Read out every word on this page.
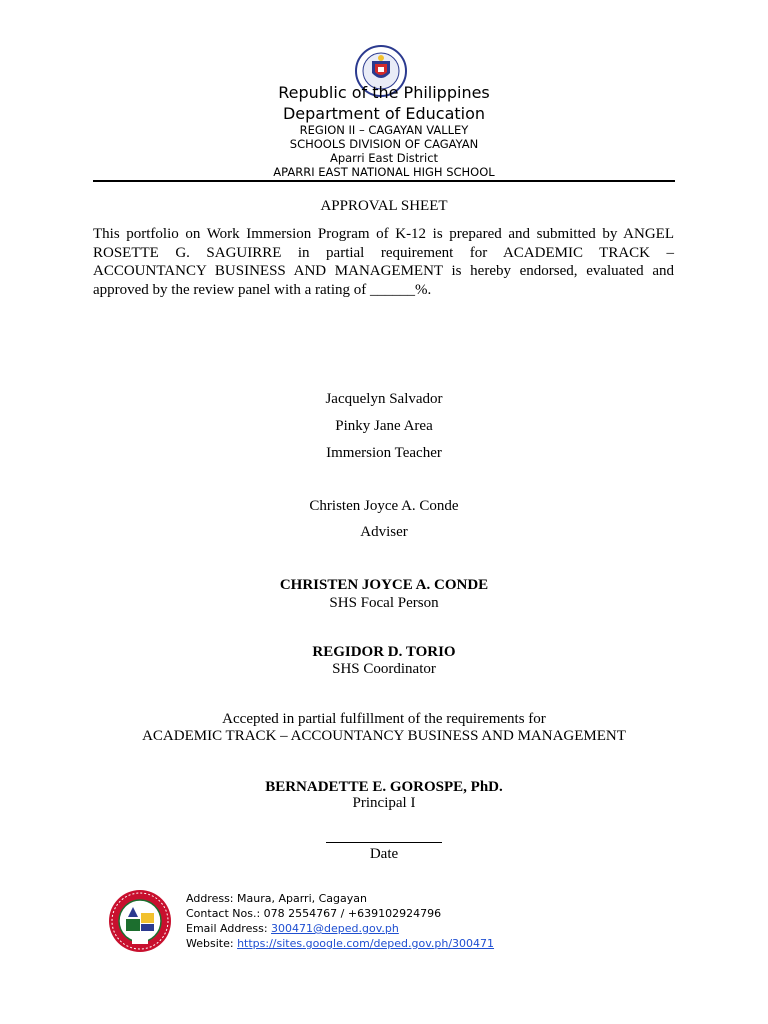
Republic of the Philippines
Department of Education
REGION II – CAGAYAN VALLEY
SCHOOLS DIVISION OF CAGAYAN
Aparri East District
APARRI EAST NATIONAL HIGH SCHOOL
APPROVAL SHEET
This portfolio on Work Immersion Program of K-12 is prepared and submitted by ANGEL ROSETTE G. SAGUIRRE in partial requirement for ACADEMIC TRACK – ACCOUNTANCY BUSINESS AND MANAGEMENT is hereby endorsed, evaluated and approved by the review panel with a rating of ______%.
Jacquelyn Salvador
Pinky Jane Area
Immersion Teacher
Christen Joyce A. Conde
Adviser
CHRISTEN JOYCE A. CONDE
SHS Focal Person
REGIDOR D. TORIO
SHS Coordinator
Accepted in partial fulfillment of the requirements for
ACADEMIC TRACK – ACCOUNTANCY BUSINESS AND MANAGEMENT
BERNADETTE E. GOROSPE, PhD.
Principal I
Date
Address: Maura, Aparri, Cagayan
Contact Nos.: 078 2554767 / +639102924796
Email Address: 300471@deped.gov.ph
Website: https://sites.google.com/deped.gov.ph/300471
